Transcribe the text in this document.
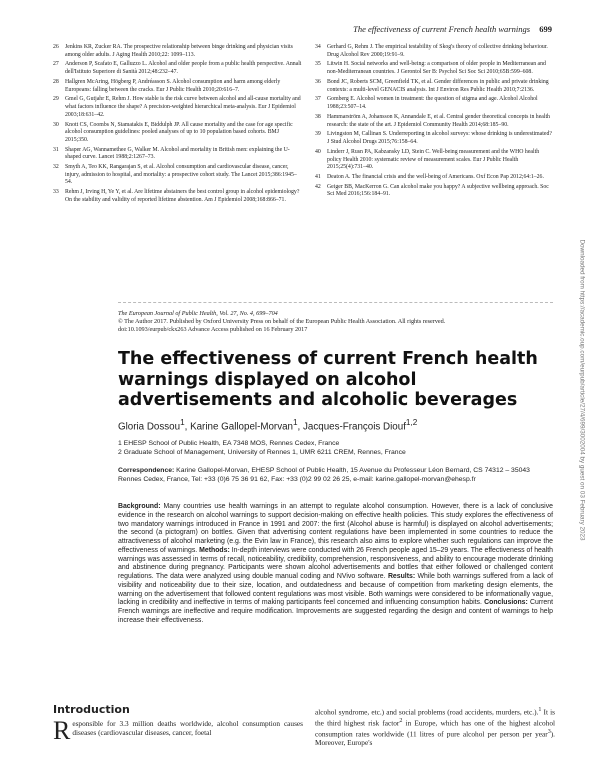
The effectiveness of current French health warnings 699
26 Jenkins KR, Zucker RA. The prospective relationship between binge drinking and physician visits among older adults. J Aging Health 2010;22: 1099–113.
27 Anderson P, Scafato E, Galluzzo L. Alcohol and older people from a public health perspective. Annali dell'Istituto Superiore di Sanità 2012;48:232–47.
28 Hallgren McAring, Högberg P, Andréasson S. Alcohol consumption and harm among elderly Europeans: falling between the cracks. Eur J Public Health 2010;20:616–7.
29 Gmel G, Gutjahr E, Rehm J. How stable is the risk curve between alcohol and all-cause mortality and what factors influence the shape? A precision-weighted hierarchical meta-analysis. Eur J Epidemiol 2003;18:631–42.
30 Knott CS, Coombs N, Stamatakis E, Biddulph JP. All cause mortality and the case for age specific alcohol consumption guidelines: pooled analyses of up to 10 population based cohorts. BMJ 2015;350.
31 Shaper AG, Wannamethee G, Walker M. Alcohol and mortality in British men: explaining the U-shaped curve. Lancet 1988;2:1267–73.
32 Smyth A, Teo KK, Rangarajan S, et al. Alcohol consumption and cardiovascular disease, cancer, injury, admission to hospital, and mortality: a prospective cohort study. The Lancet 2015;386:1945–54.
33 Rehm J, Irving H, Ye Y, et al. Are lifetime abstainers the best control group in alcohol epidemiology? On the stability and validity of reported lifetime abstention. Am J Epidemiol 2008;168:866–71.
34 Gerhard G, Rehm J. The empirical testability of Skog's theory of collective drinking behaviour. Drug Alcohol Rev 2000;19:91–9.
35 Litwin H. Social networks and well-being: a comparison of older people in Mediterranean and non-Mediterranean countries. J Gerontol Ser B: Psychol Sci Soc Sci 2010;65B:599–608.
36 Bond JC, Roberts SCM, Greenfield TK, et al. Gender differences in public and private drinking contexts: a multi-level GENACIS analysis. Int J Environ Res Public Health 2010;7:2136.
37 Gomberg E. Alcohol women in treatment: the question of stigma and age. Alcohol Alcohol 1988;23:507–14.
38 Hammarström A, Johansson K, Annandale E, et al. Central gender theoretical concepts in health research: the state of the art. J Epidemiol Community Health 2014;68:185–90.
39 Livingston M, Callinan S. Underreporting in alcohol surveys: whose drinking is underestimated? J Stud Alcohol Drugs 2015;76:158–64.
40 Linderr J, Rusn PA, Kabzansky LD, Stein C. Well-being measurement and the WHO health policy Health 2010: systematic review of measurement scales. Eur J Public Health 2015;25(4):731–40.
41 Deaton A. The financial crisis and the well-being of Americans. Oxf Econ Pap 2012;64:1–26.
42 Geiger BB, MacKerron G. Can alcohol make you happy? A subjective wellbeing approach. Soc Sci Med 2016;156:184–91.
The European Journal of Public Health, Vol. 27, No. 4, 699–704
© The Author 2017. Published by Oxford University Press on behalf of the European Public Health Association. All rights reserved.
doi:10.1093/eurpub/ckx263 Advance Access published on 16 February 2017
The effectiveness of current French health warnings displayed on alcohol advertisements and alcoholic beverages
Gloria Dossou$^1$, Karine Gallopel-Morvan$^1$, Jacques-François Diouf$^{1,2}$
1 EHESP School of Public Health, EA 7348 MOS, Rennes Cedex, France
2 Graduate School of Management, University of Rennes 1, UMR 6211 CREM, Rennes, France
Correspondence: Karine Gallopel-Morvan, EHESP School of Public Health, 15 Avenue du Professeur Léon Bernard, CS 74312 – 35043 Rennes Cedex, France, Tel: +33 (0)6 75 36 91 62, Fax: +33 (0)2 99 02 26 25, e-mail: karine.gallopel-morvan@ehesp.fr
Background: Many countries use health warnings in an attempt to regulate alcohol consumption. However, there is a lack of conclusive evidence in the research on alcohol warnings to support decision-making on effective health policies. This study explores the effectiveness of two mandatory warnings introduced in France in 1991 and 2007: the first (Alcohol abuse is harmful) is displayed on alcohol advertisements; the second (a pictogram) on bottles. Given that advertising content regulations have been implemented in some countries to reduce the attractiveness of alcohol marketing (e.g. the Evin law in France), this research also aims to explore whether such regulations can improve the effectiveness of warnings. Methods: In-depth interviews were conducted with 26 French people aged 15–29 years. The effectiveness of health warnings was assessed in terms of recall, noticeability, credibility, comprehension, responsiveness, and ability to encourage moderate drinking and abstinence during pregnancy. Participants were shown alcohol advertisements and bottles that either followed or challenged content regulations. The data were analyzed using double manual coding and NVivo software. Results: While both warnings suffered from a lack of visibility and noticeability due to their size, location, and outdatedness and because of competition from marketing design elements, the warning on the advertisement that followed content regulations was most visible. Both warnings were considered to be informationally vague, lacking in credibility and ineffective in terms of making participants feel concerned and influencing consumption habits. Conclusions: Current French warnings are ineffective and require modification. Improvements are suggested regarding the design and content of warnings to help increase their effectiveness.
Introduction
R esponsible for 3.3 million deaths worldwide, alcohol consumption causes diseases (cardiovascular diseases, cancer, foetal
alcohol syndrome, etc.) and social problems (road accidents, murders, etc.).$^1$ It is the third highest risk factor$^2$ in Europe, which has one of the highest alcohol consumption rates worldwide (11 litres of pure alcohol per person per year$^3$). Moreover, Europe's
Downloaded from https://academic.oup.com/eurpub/article/27/4/699/3002004 by guest on 03 February 2023
